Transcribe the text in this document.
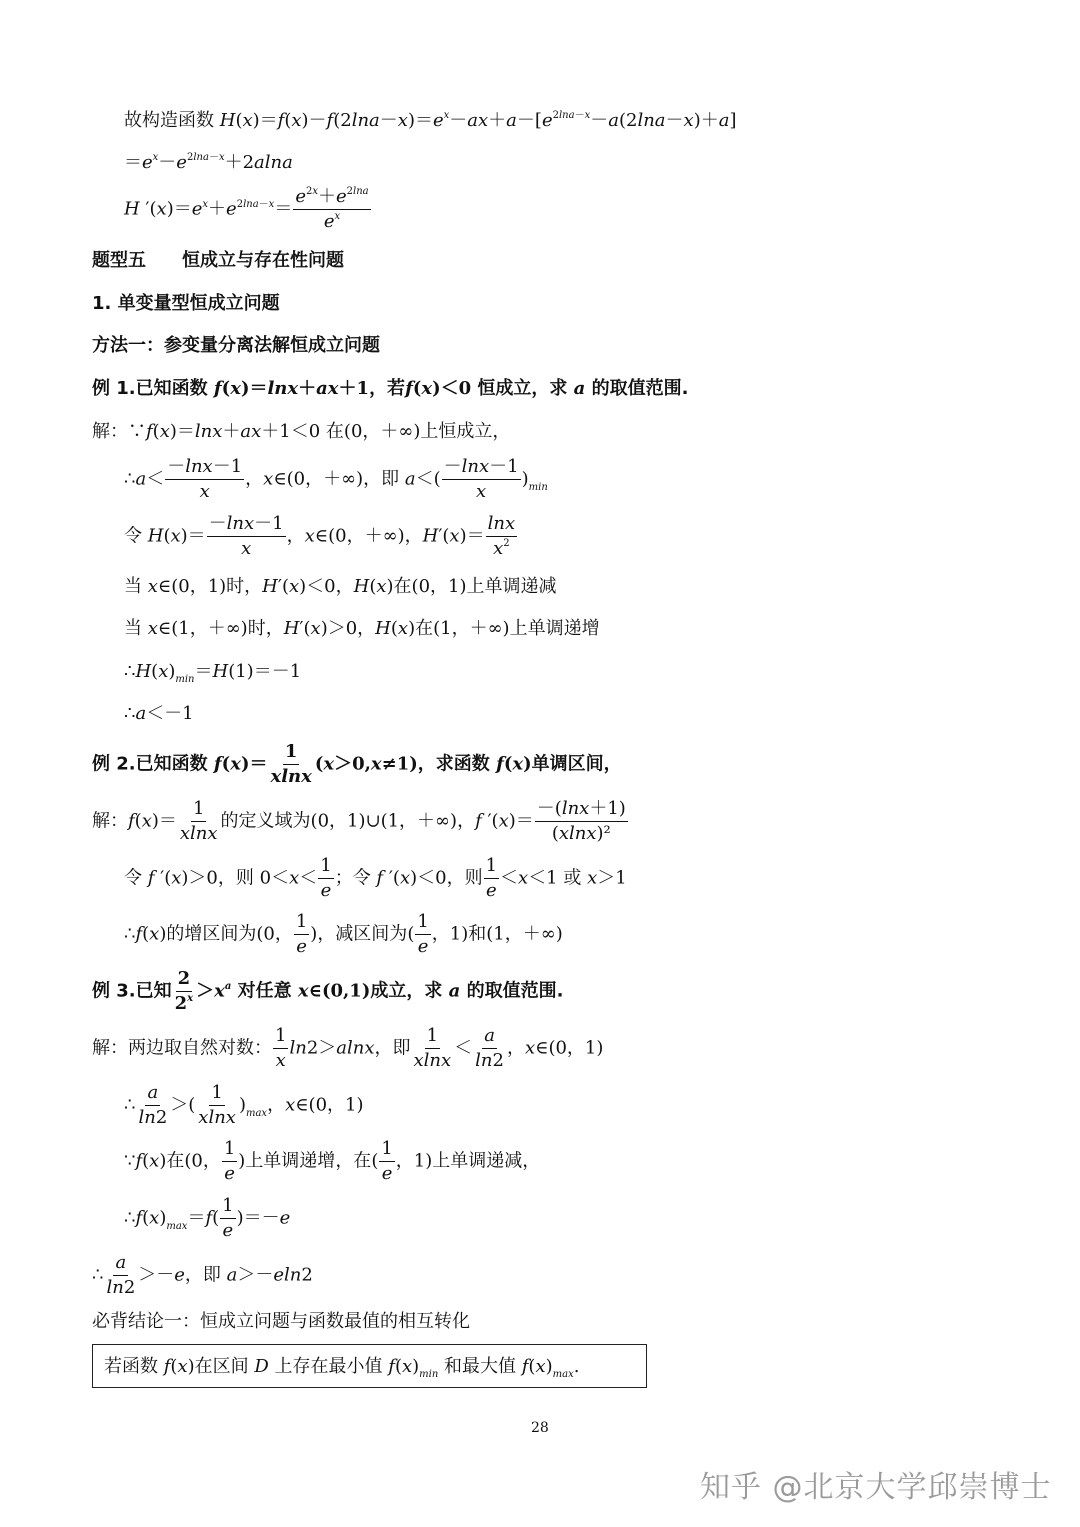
故构造函数 $H(x)=f(x)-f(2\ln a-x)=e^x-ax+a-[e^{2lna-x}-a(2\ln a-x)+a]$
$=e^x-e^{2lna-x}+2alna$
H $'(x)=e^x+e^{2lna-x}= \frac{e^{2x}+e^{2lna}}{e^x}$
题型五　　恒成立与存在性问题
1. 单变量型恒成立问题
方法一：参变量分离法解恒成立问题
例 1.已知函数 f(x)＝lnx＋ax＋1，若f(x)＜0 恒成立，求 a 的取值范围.
解：∵f(x)＝lnx＋ax＋1＜0 在(0，＋∞)上恒成立，
∴a＜ $\frac{-\ln x-1}{x}$ ，x∈(0，＋∞)，即 $a<( \frac{-\ln x-1}{x} )_{min}$
令 $H(x)= \frac{-\ln x-1}{x}$ ，x∈(0，＋∞)，$H'(x)= \frac{\ln x}{x^2}$
当 x∈(0，1)时，H′(x)＜0，H(x)在(0，1)上单调递减
当 x∈(1，＋∞)时，H′(x)＞0，H(x)在(1，＋∞)上单调递增
$\therefore H(x)_{min}=H(1)=-1$
∴a＜－1
例 2.已知函数 $f(x)= \frac{1}{xlnx} (x>0,x\ne 1)$，求函数 f(x)单调区间，
解：$f(x)= \frac{1}{xlnx}$ 的定义域为(0，1)∪(1，＋∞)，f $'(x)= \frac{-(\ln x+1)}{\text{(xlnx)²}}$
令 f ′(x)＞0，则 $0<x< \frac{1}{e}$ ；令 f ′(x)＜0，则 $\frac{1}{e} <x<1$ 或 x＞1
∴f(x)的增区间为(0， $\frac{1}{e}$ )，减区间为( $\frac{1}{e}$ ，1)和(1，＋∞)
例 3.已知 $\frac{2}{2^x} >x^a$ 对任意 x∈(0,1)成立，求 a 的取值范围.
解：两边取自然对数： $\frac{1}{x} \ln 2>alnx$，即 $\frac{1}{xlnx} < \frac{a}{\ln 2}$ ，x∈(0，1)
∴ $\frac{a}{\ln 2}$ ＞( $\frac{1}{xlnx} )_{max}$，x∈(0，1)
∵f(x)在(0， $\frac{1}{e}$ )上单调递增，在( $\frac{1}{e}$ ，1)上单调递减，
$\therefore f(x)_{max}=f( \frac{1}{e} )=-e$
∴ $\frac{a}{\ln 2} >-e$，即 a＞－eln2
必背结论一：恒成立问题与函数最值的相互转化
若函数 f(x)在区间 D 上存在最小值 $f(x)_{min}$ 和最大值 $f(x)_{max}$.
28
知乎 @北京大学邱崇博士
